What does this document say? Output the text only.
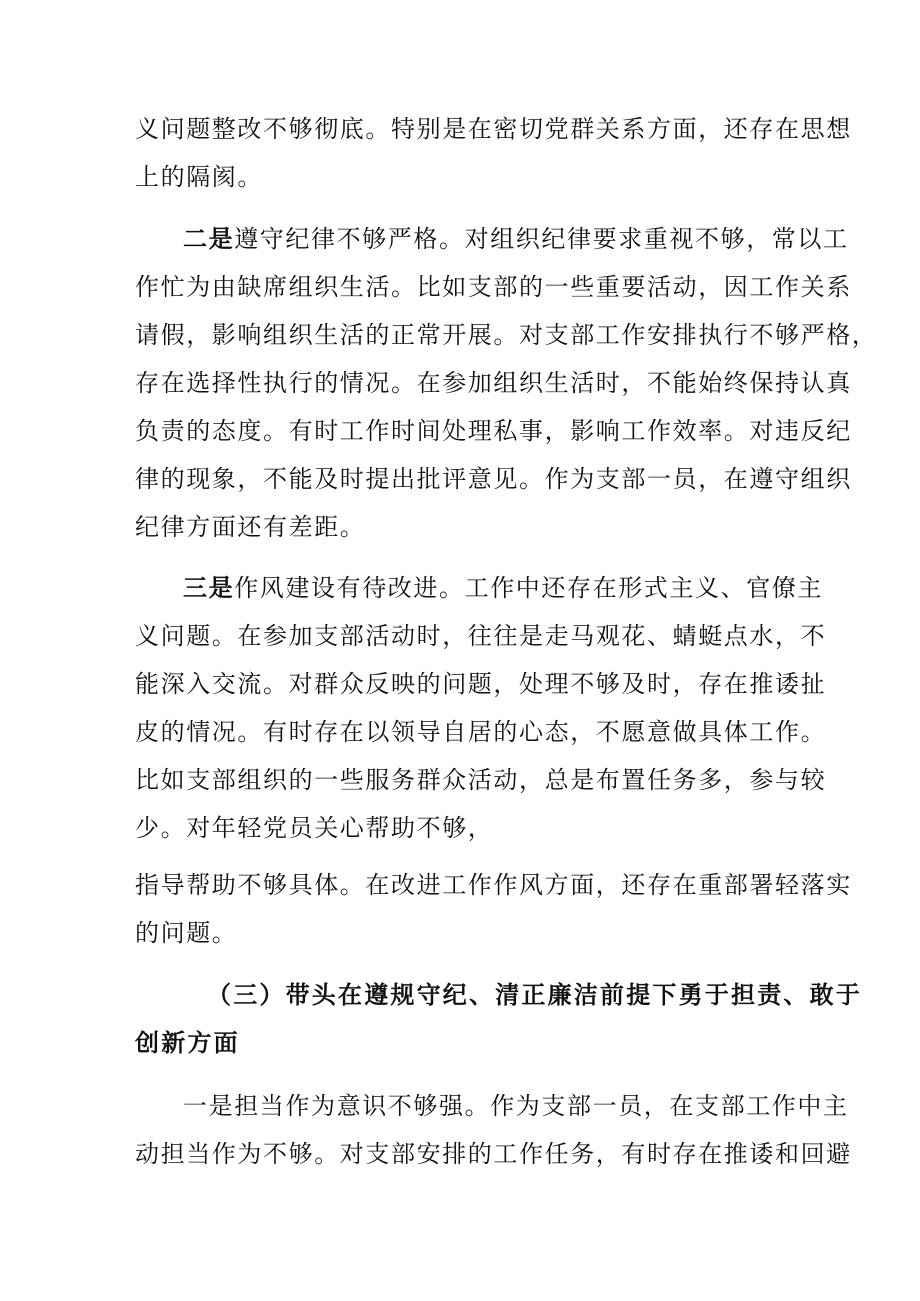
义问题整改不够彻底。特别是在密切党群关系方面，还存在思想
上的隔阂。
二是遵守纪律不够严格。对组织纪律要求重视不够，常以工
作忙为由缺席组织生活。比如支部的一些重要活动，因工作关系
请假，影响组织生活的正常开展。对支部工作安排执行不够严格，
存在选择性执行的情况。在参加组织生活时，不能始终保持认真
负责的态度。有时工作时间处理私事，影响工作效率。对违反纪
律的现象，不能及时提出批评意见。作为支部一员，在遵守组织
纪律方面还有差距。
三是作风建设有待改进。工作中还存在形式主义、官僚主
义问题。在参加支部活动时，往往是走马观花、蜻蜓点水，不
能深入交流。对群众反映的问题，处理不够及时，存在推诿扯
皮的情况。有时存在以领导自居的心态，不愿意做具体工作。
比如支部组织的一些服务群众活动，总是布置任务多，参与较
少。对年轻党员关心帮助不够，
指导帮助不够具体。在改进工作作风方面，还存在重部署轻落实
的问题。
（三）带头在遵规守纪、清正廉洁前提下勇于担责、敢于
创新方面
一是担当作为意识不够强。作为支部一员，在支部工作中主
动担当作为不够。对支部安排的工作任务，有时存在推诿和回避
